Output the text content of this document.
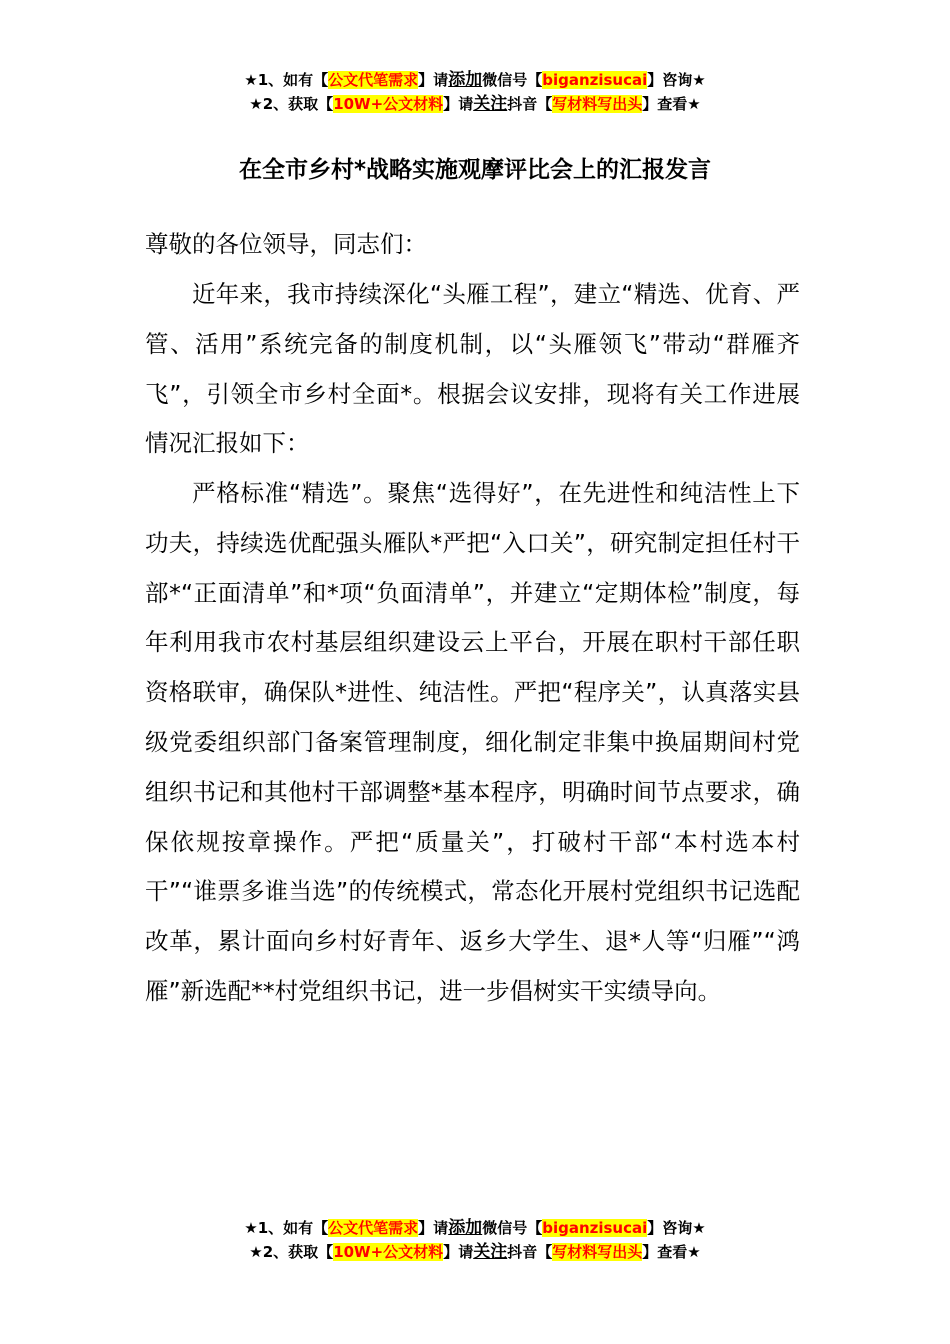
★1、如有【公文代笔需求】请添加微信号【biganzisucai】咨询★
★2、获取【10W+公文材料】请关注抖音【写材料写出头】查看★
在全市乡村*战略实施观摩评比会上的汇报发言

尊敬的各位领导，同志们：

近年来，我市持续深化“头雁工程”，建立“精选、优育、严管、活用”系统完备的制度机制，以“头雁领飞”带动“群雁齐飞”，引领全市乡村全面*。根据会议安排，现将有关工作进展情况汇报如下：

严格标准“精选”。聚焦“选得好”，在先进性和纯洁性上下功夫，持续选优配强头雁队*严把“入口关”，研究制定担任村干部*“正面清单”和*项“负面清单”，并建立“定期体检”制度，每年利用我市农村基层组织建设云上平台，开展在职村干部任职资格联审，确保队*进性、纯洁性。严把“程序关”，认真落实县级党委组织部门备案管理制度，细化制定非集中换届期间村党组织书记和其他村干部调整*基本程序，明确时间节点要求，确保依规按章操作。严把“质量关”，打破村干部“本村选本村干”“谁票多谁当选”的传统模式，常态化开展村党组织书记选配改革，累计面向乡村好青年、返乡大学生、退*人等“归雁”“鸿雁”新选配**村党组织书记，进一步倡树实干实绩导向。

★1、如有【公文代笔需求】请添加微信号【biganzisucai】咨询★
★2、获取【10W+公文材料】请关注抖音【写材料写出头】查看★
